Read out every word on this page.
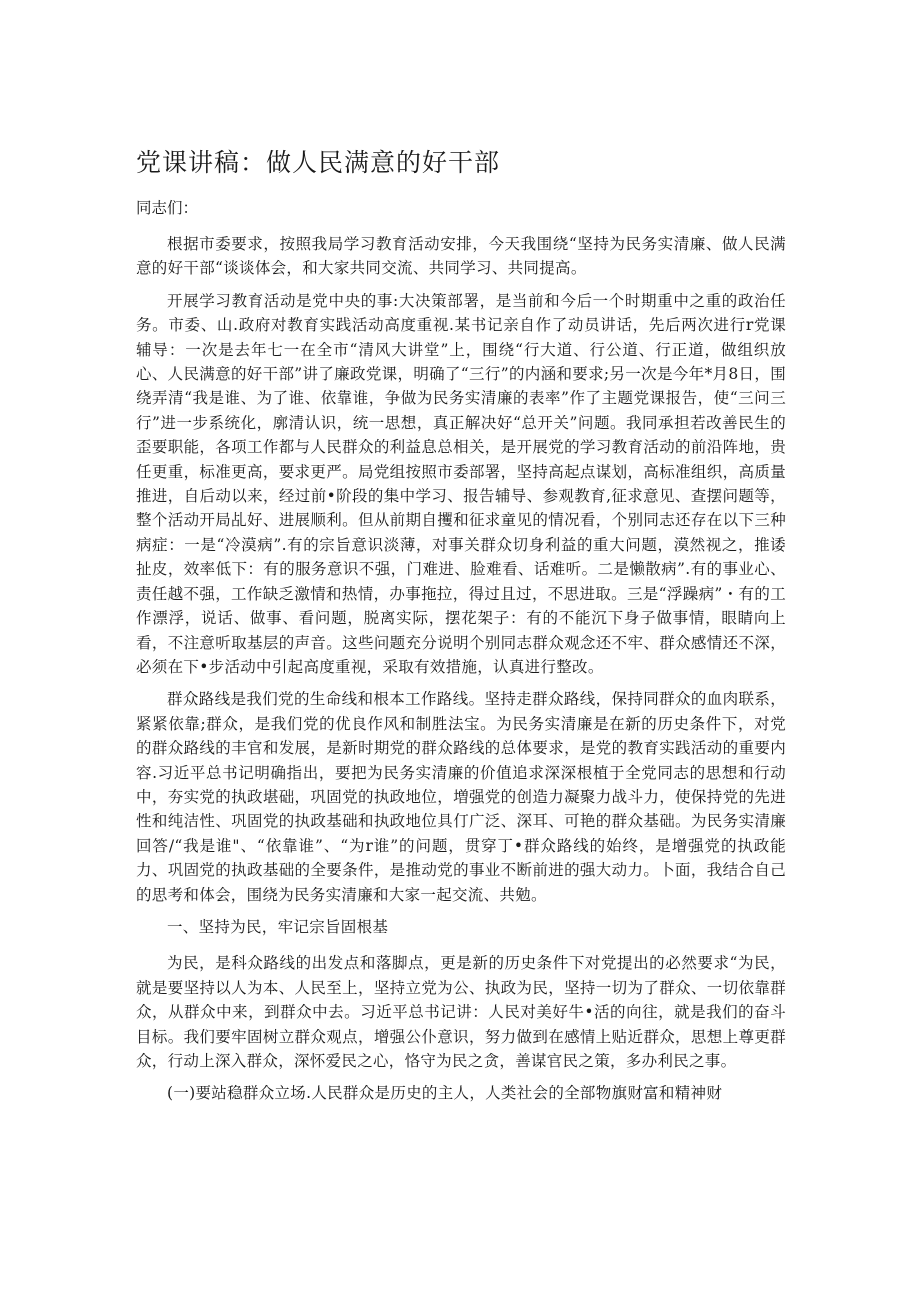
党课讲稿：做人民满意的好干部

同志们：

根据市委要求，按照我局学习教育活动安排，今天我围绕“坚持为民务实清廉、做人民满意的好干部“谈谈体会，和大家共同交流、共同学习、共同提高。

开展学习教育活动是党中央的事:大决策部署，是当前和今后一个时期重中之重的政治任务。市委、山.政府对教育实践活动高度重视.某书记亲自作了动员讲话，先后两次进行r党课辅导：一次是去年七一在全市“清风大讲堂”上，围绕“行大道、行公道、行正道，做组织放心、人民满意的好干部”讲了廉政党课，明确了“三行”的内涵和要求;另一次是今年*月8日，围绕弄清“我是谁、为了谁、依靠谁，争做为民务实清廉的表率”作了主题党课报告，使“三问三行”进一步系统化，廓清认识，统一思想，真正解决好“总开关”问题。我同承担若改善民生的歪要职能，各项工作都与人民群众的利益息总相关，是开展党的学习教育活动的前沿阵地，贵任更重，标准更高，要求更严。局党组按照市委部署，坚持高起点谋划，高标准组织，高质量推进，自后动以来，经过前•阶段的集中学习、报告辅导、参观教育,征求意见、查摆问题等，整个活动开局乩好、进展顺利。但从前期自攫和征求童见的情况看，个别同志还存在以下三种病症：一是“冷漠病”.有的宗旨意识淡薄，对事关群众切身利益的重大问题，漠然视之，推诿扯皮，效率低下：有的服务意识不强，门难进、脸难看、话难听。二是懒散病”.有的事业心、责任越不强，工作缺乏激情和热情，办事拖拉，得过且过，不思进取。三是“浮躁病”・有的工作漂浮，说话、做事、看问题，脱离实际，摆花架子：有的不能沉下身子做事情，眼睛向上看，不注意听取基层的声音。这些问题充分说明个别同志群众观念还不牢、群众感情还不深，必须在下•步活动中引起高度重视，采取有效措施，认真进行整改。

群众路线是我们党的生命线和根本工作路线。坚持走群众路线，保持同群众的血肉联系，紧紧依靠;群众，是我们党的优良作风和制胜法宝。为民务实清廉是在新的历史条件下，对党的群众路线的丰官和发展，是新时期党的群众路线的总体要求，是党的教育实践活动的重要内容.习近平总书记明确指出，要把为民务实清廉的价值追求深深根植于全党同志的思想和行动中，夯实党的执政堪础，巩固党的执政地位，増强党的创造力凝聚力战斗力，使保持党的先进性和纯洁性、巩固党的执政基础和执政地位具仃广泛、深耳、可艳的群众基础。为民务实清廉回答/“我是谁"、“依靠谁”、“为r谁”的问题，贯穿丁•群众路线的始终，是增强党的执政能力、巩固党的执政基础的全要条件，是推动党的事业不断前进的强大动力。卜面，我结合自己的思考和体会，围绕为民务实清廉和大家一起交流、共勉。

一、坚持为民，牢记宗旨固根基

为民，是科众路线的出发点和落脚点，更是新的历史条件下对党提出的必然要求“为民，就是要坚持以人为本、人民至上，坚持立党为公、执政为民，坚持一切为了群众、一切依靠群众，从群众中来，到群众中去。习近平总书记讲：人民对美好牛•活的向往，就是我们的奋斗目标。我们要牢固树立群众观点，增强公仆意识，努力做到在感情上贴近群众，思想上尊更群众，行动上深入群众，深怀爱民之心，恪守为民之贪，善谋官民之策，多办利民之事。

(一)要站稳群众立场.人民群众是历史的主人，人类社会的全部物旗财富和精神财
